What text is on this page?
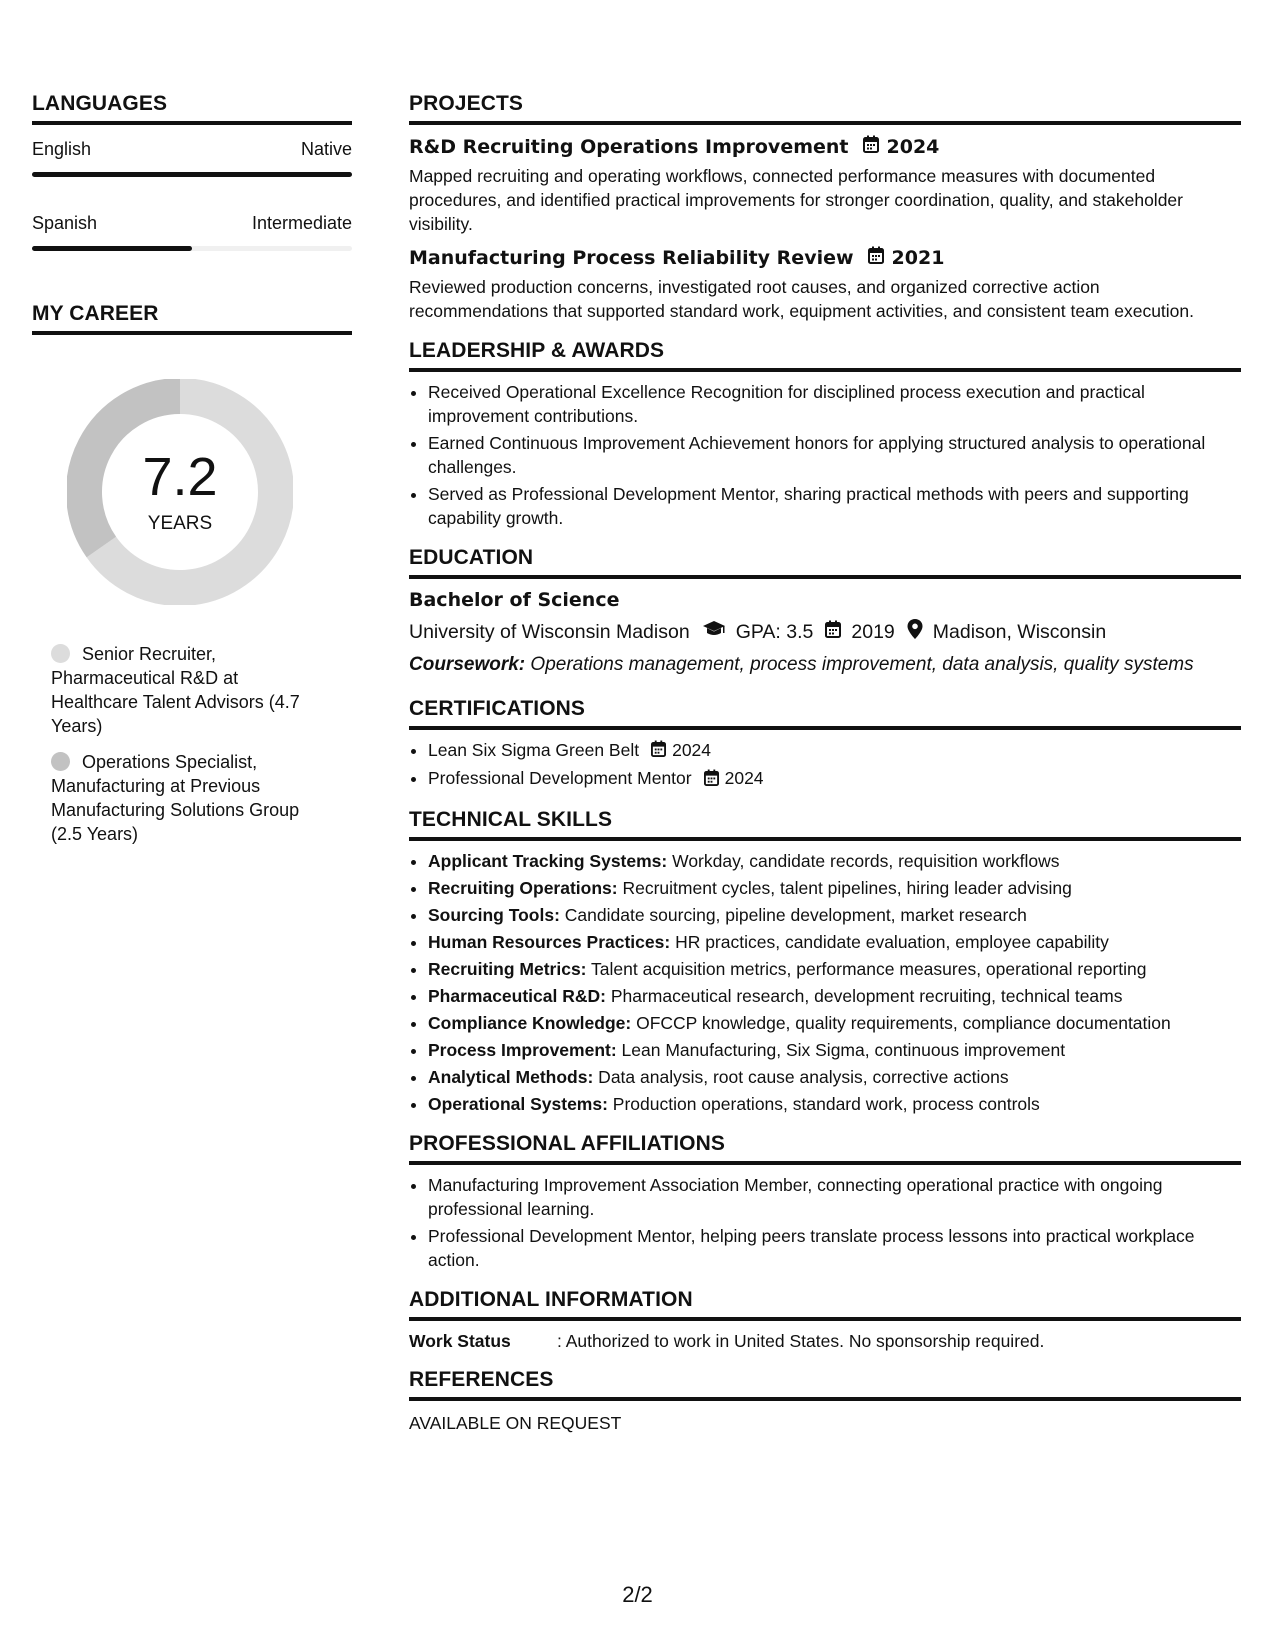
LANGUAGES
English	Native
Spanish	Intermediate
MY CAREER
7.2
YEARS
Senior Recruiter, Pharmaceutical R&D at Healthcare Talent Advisors (4.7 Years)
Operations Specialist, Manufacturing at Previous Manufacturing Solutions Group (2.5 Years)
PROJECTS
R&D Recruiting Operations Improvement 2024
Mapped recruiting and operating workflows, connected performance measures with documented procedures, and identified practical improvements for stronger coordination, quality, and stakeholder visibility.
Manufacturing Process Reliability Review 2021
Reviewed production concerns, investigated root causes, and organized corrective action recommendations that supported standard work, equipment activities, and consistent team execution.
LEADERSHIP & AWARDS
• Received Operational Excellence Recognition for disciplined process execution and practical improvement contributions.
• Earned Continuous Improvement Achievement honors for applying structured analysis to operational challenges.
• Served as Professional Development Mentor, sharing practical methods with peers and supporting capability growth.
EDUCATION
Bachelor of Science
University of Wisconsin Madison GPA: 3.5 2019 Madison, Wisconsin
Coursework: Operations management, process improvement, data analysis, quality systems
CERTIFICATIONS
• Lean Six Sigma Green Belt 2024
• Professional Development Mentor 2024
TECHNICAL SKILLS
• Applicant Tracking Systems: Workday, candidate records, requisition workflows
• Recruiting Operations: Recruitment cycles, talent pipelines, hiring leader advising
• Sourcing Tools: Candidate sourcing, pipeline development, market research
• Human Resources Practices: HR practices, candidate evaluation, employee capability
• Recruiting Metrics: Talent acquisition metrics, performance measures, operational reporting
• Pharmaceutical R&D: Pharmaceutical research, development recruiting, technical teams
• Compliance Knowledge: OFCCP knowledge, quality requirements, compliance documentation
• Process Improvement: Lean Manufacturing, Six Sigma, continuous improvement
• Analytical Methods: Data analysis, root cause analysis, corrective actions
• Operational Systems: Production operations, standard work, process controls
PROFESSIONAL AFFILIATIONS
• Manufacturing Improvement Association Member, connecting operational practice with ongoing professional learning.
• Professional Development Mentor, helping peers translate process lessons into practical workplace action.
ADDITIONAL INFORMATION
Work Status	: Authorized to work in United States. No sponsorship required.
REFERENCES
AVAILABLE ON REQUEST
2/2
